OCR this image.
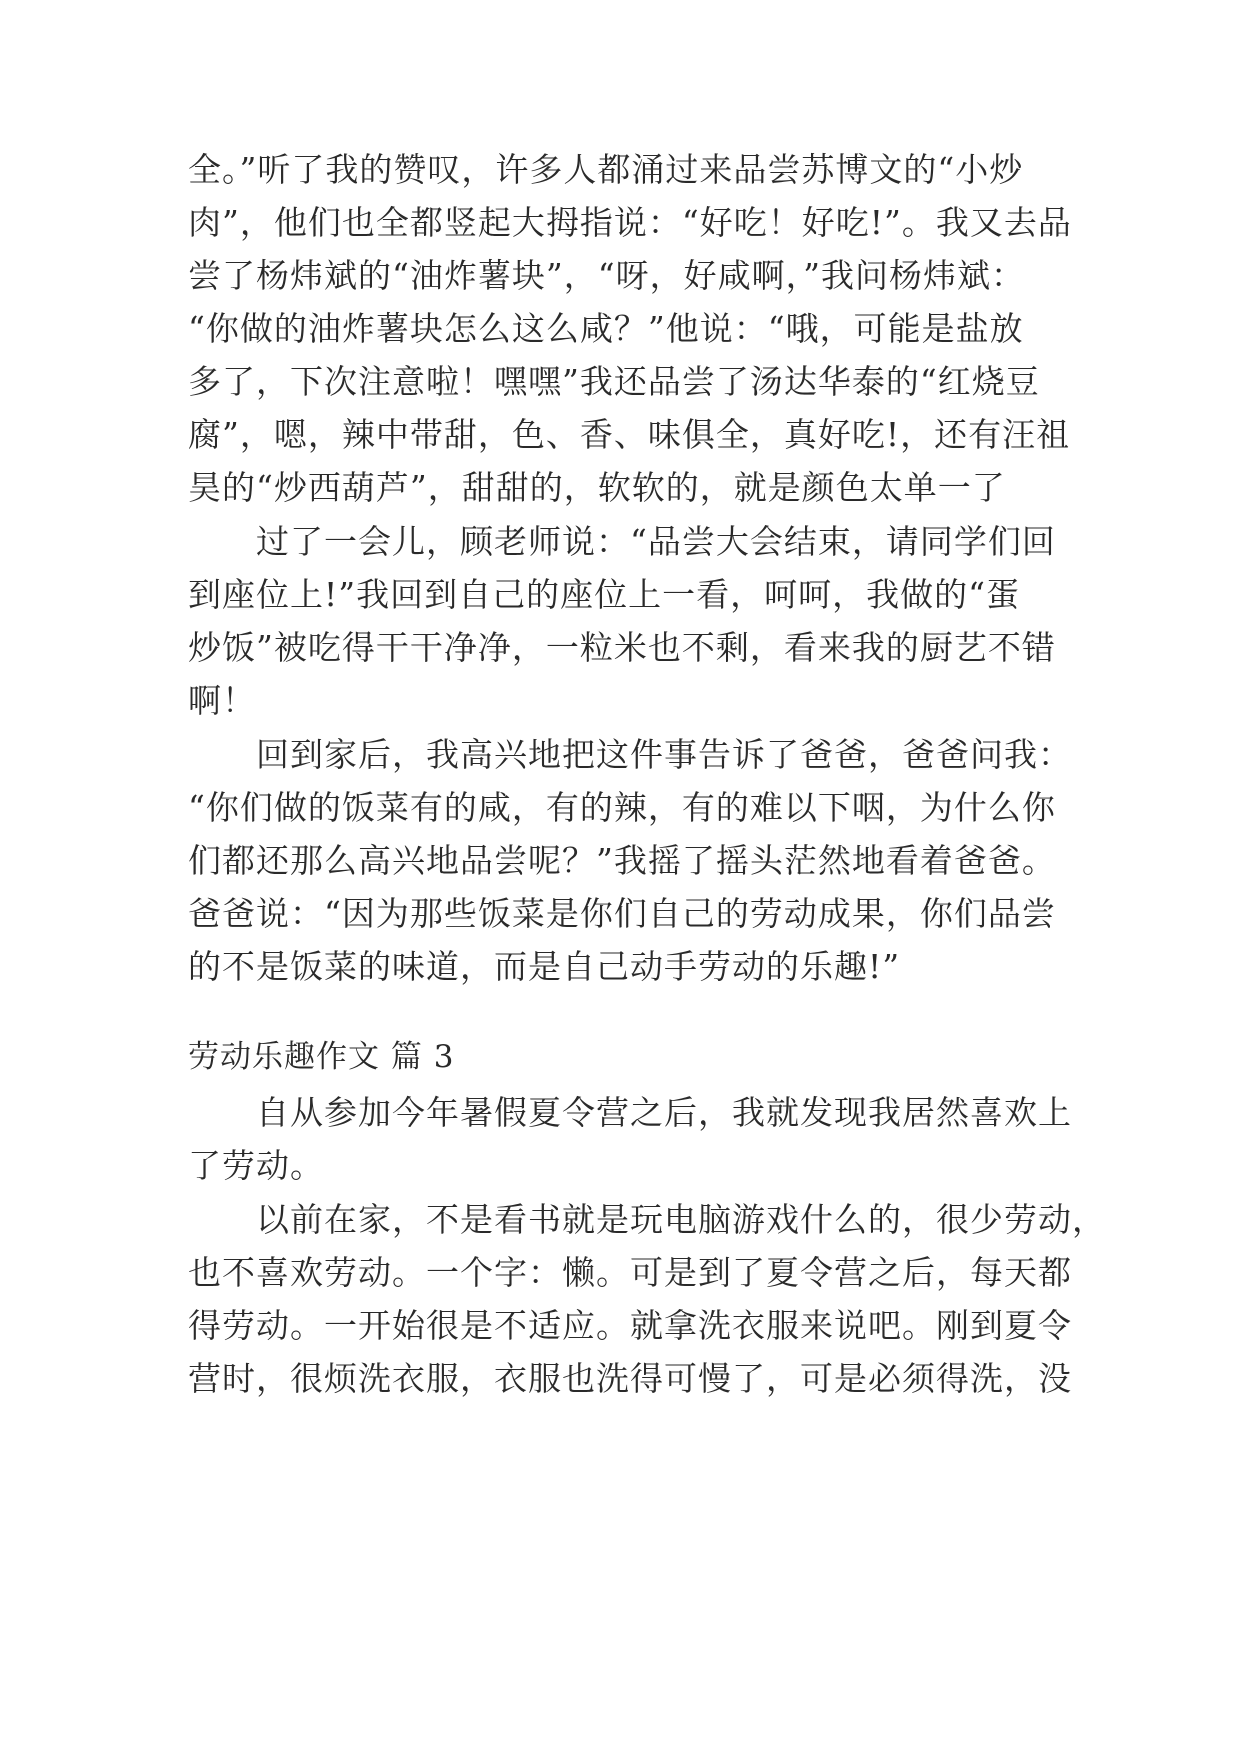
全。”听了我的赞叹，许多人都涌过来品尝苏博文的“小炒
肉”，他们也全都竖起大拇指说：“好吃！好吃!”。我又去品
尝了杨炜斌的“油炸薯块”，“呀，好咸啊，”我问杨炜斌：
“你做的油炸薯块怎么这么咸？”他说：“哦，可能是盐放
多了，下次注意啦！嘿嘿”我还品尝了汤达华泰的“红烧豆
腐”，嗯，辣中带甜，色、香、味俱全，真好吃!，还有汪祖
昊的“炒西葫芦”，甜甜的，软软的，就是颜色太单一了
过了一会儿，顾老师说：“品尝大会结束，请同学们回
到座位上!”我回到自己的座位上一看，呵呵，我做的“蛋
炒饭”被吃得干干净净，一粒米也不剩，看来我的厨艺不错
啊！
回到家后，我高兴地把这件事告诉了爸爸，爸爸问我：
“你们做的饭菜有的咸，有的辣，有的难以下咽，为什么你
们都还那么高兴地品尝呢？”我摇了摇头茫然地看着爸爸。
爸爸说：“因为那些饭菜是你们自己的劳动成果，你们品尝
的不是饭菜的味道，而是自己动手劳动的乐趣!”
劳动乐趣作文 篇 3
自从参加今年暑假夏令营之后，我就发现我居然喜欢上
了劳动。
以前在家，不是看书就是玩电脑游戏什么的，很少劳动，
也不喜欢劳动。一个字：懒。可是到了夏令营之后，每天都
得劳动。一开始很是不适应。就拿洗衣服来说吧。刚到夏令
营时，很烦洗衣服，衣服也洗得可慢了，可是必须得洗，没
